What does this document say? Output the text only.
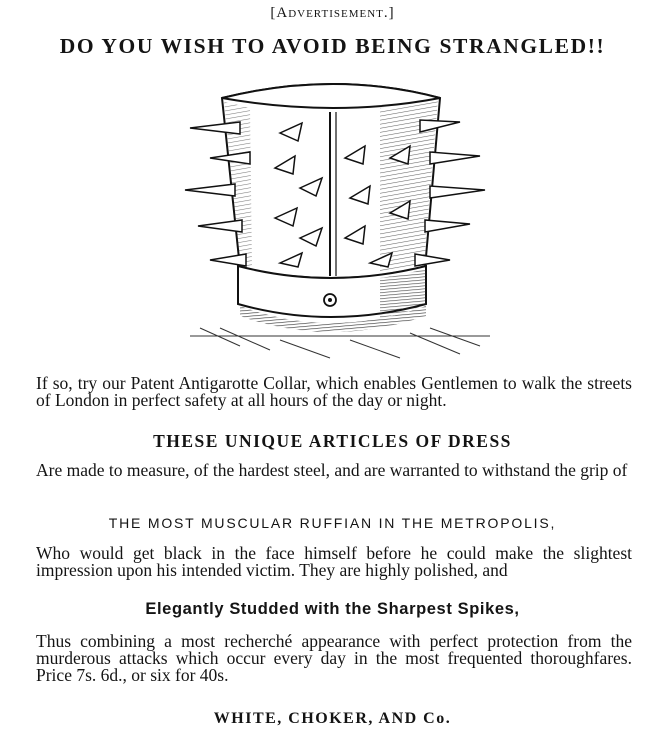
[Advertisement.]
DO YOU WISH TO AVOID BEING STRANGLED!!

If so, try our Patent Antigarotte Collar, which enables Gentlemen to walk the streets of London in perfect safety at all hours of the day or night.

THESE UNIQUE ARTICLES OF DRESS

Are made to measure, of the hardest steel, and are warranted to withstand the grip of

THE MOST MUSCULAR RUFFIAN IN THE METROPOLIS,

Who would get black in the face himself before he could make the slightest impression upon his intended victim. They are highly polished, and

Elegantly Studded with the Sharpest Spikes,

Thus combining a most recherché appearance with perfect protection from the murderous attacks which occur every day in the most frequented thoroughfares. Price 7s. 6d., or six for 40s.

WHITE, CHOKER, AND Co.
